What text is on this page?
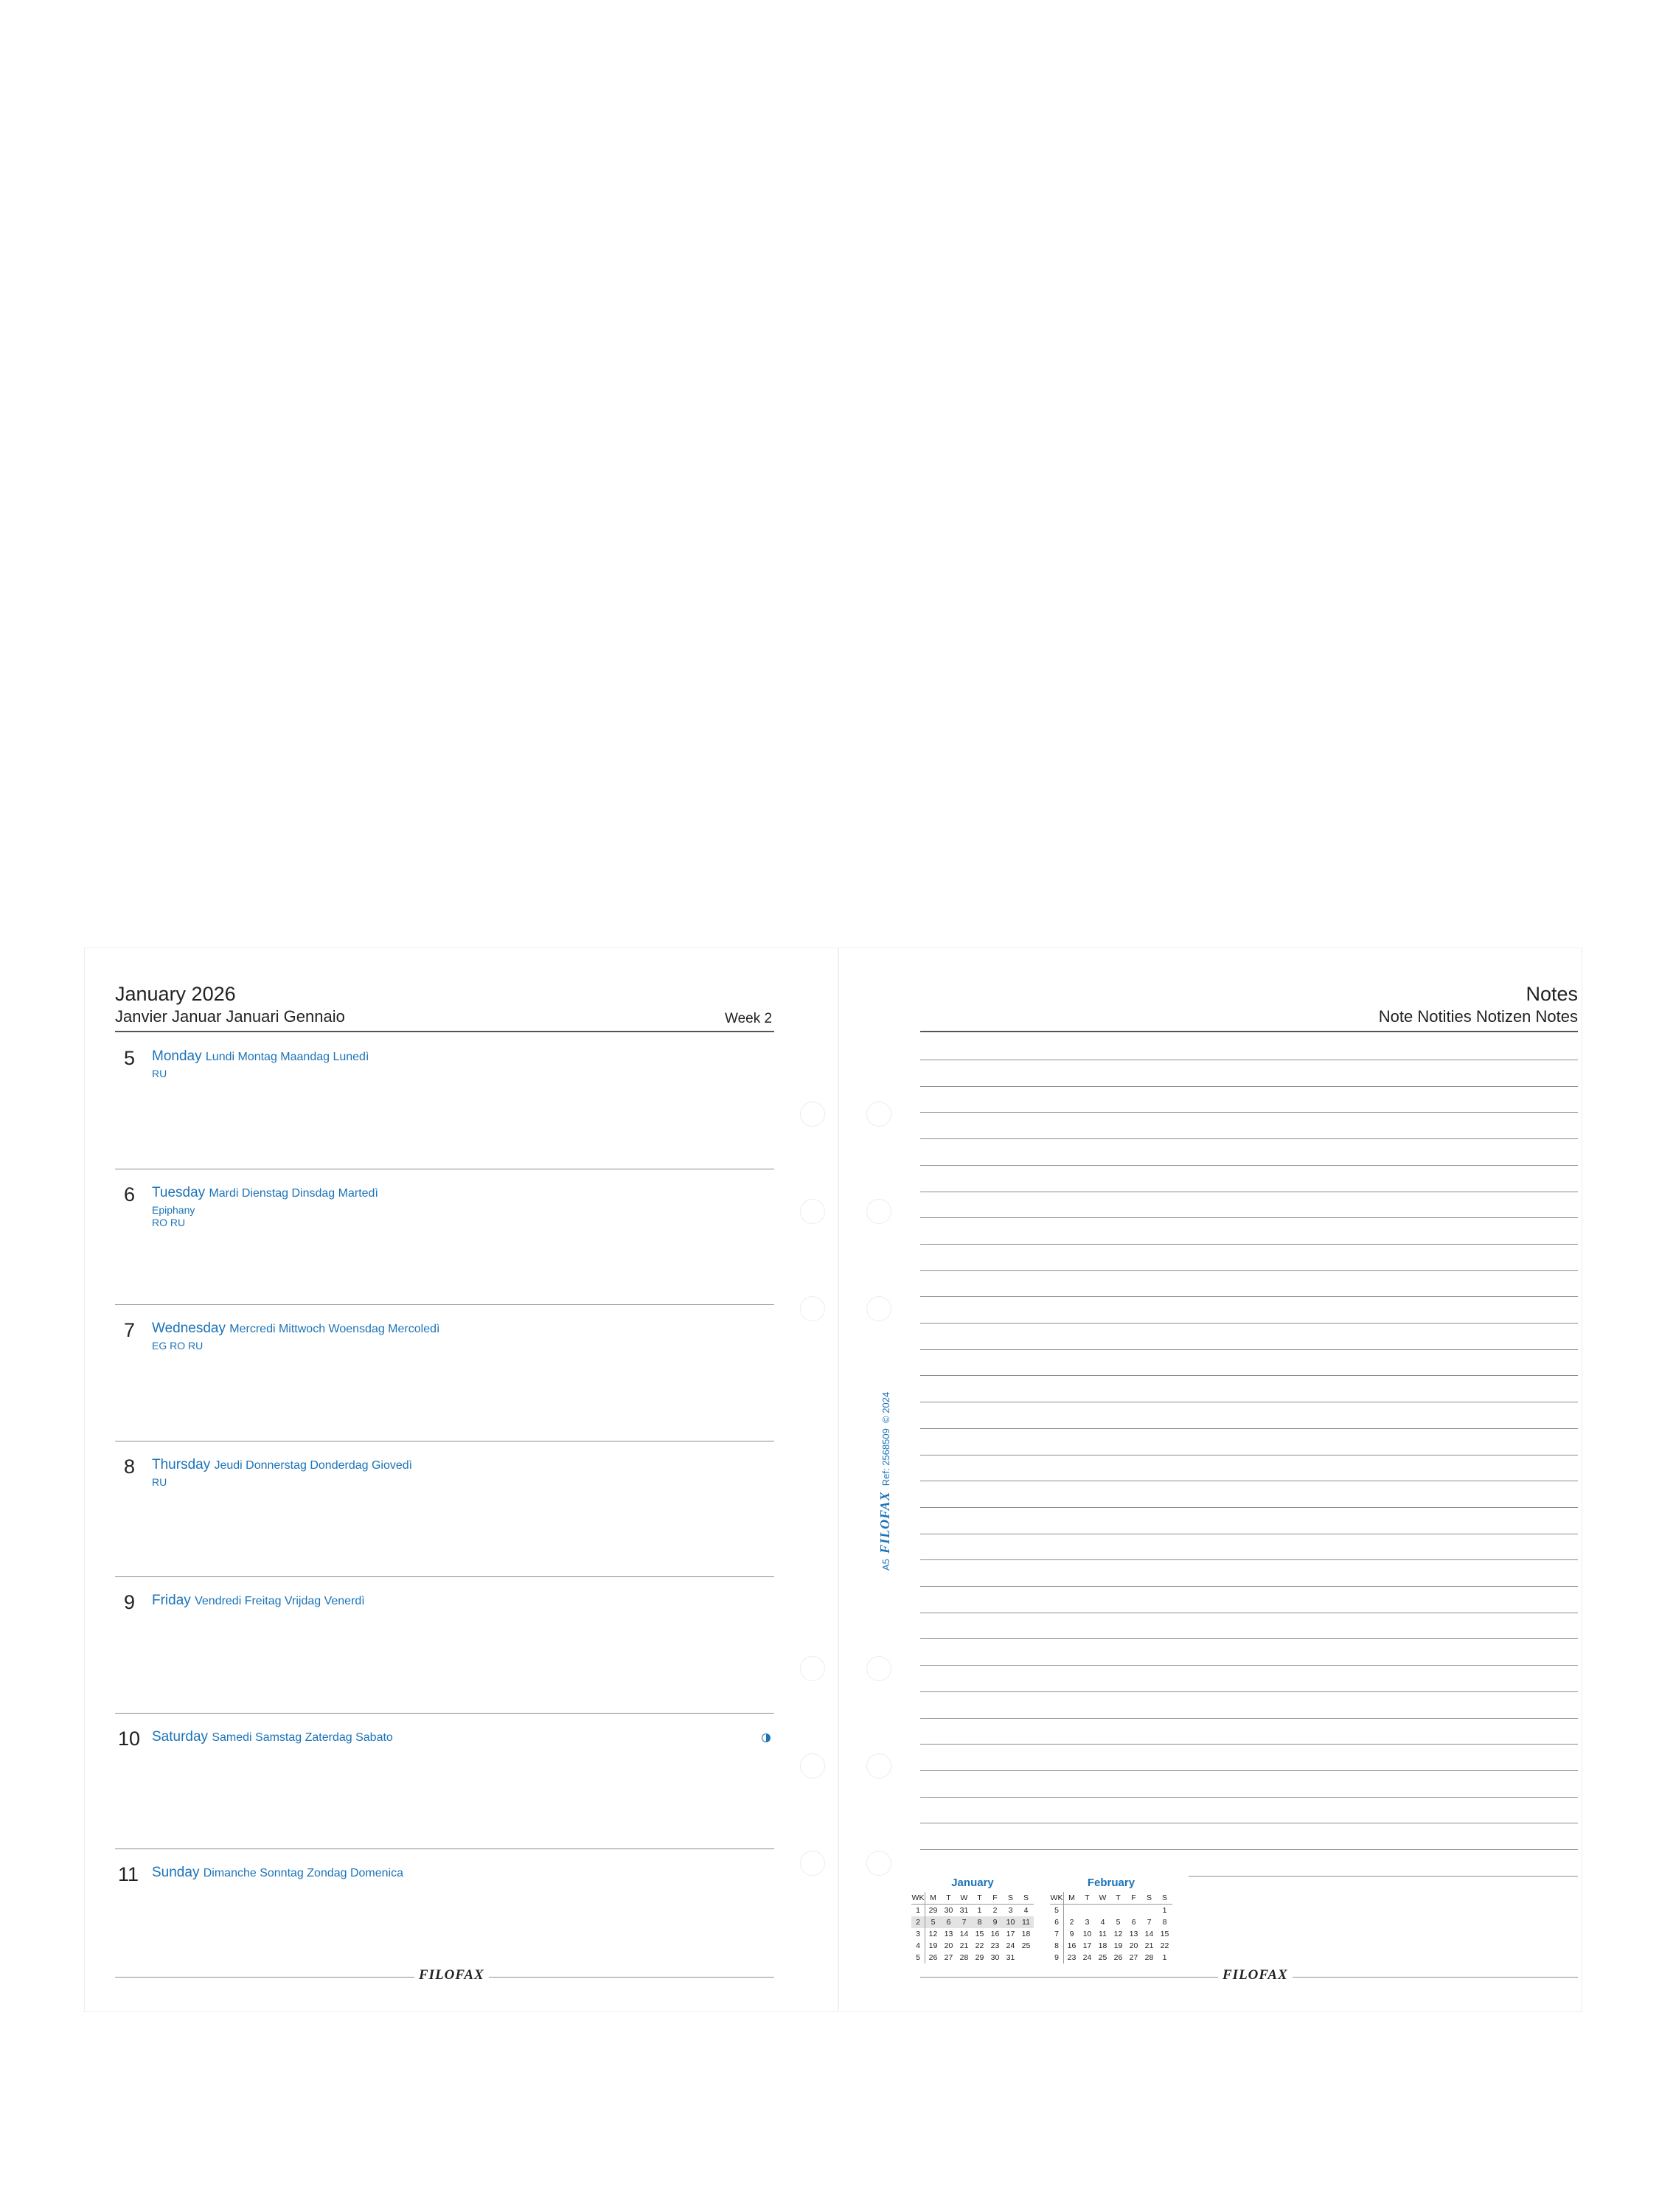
January 2026
Janvier Januar Januari Gennaio	Week 2
5 Monday Lundi Montag Maandag Lunedì
RU
6 Tuesday Mardi Dienstag Dinsdag Martedì
Epiphany
RO RU
7 Wednesday Mercredi Mittwoch Woensdag Mercoledì
EG RO RU
8 Thursday Jeudi Donnerstag Donderdag Giovedì
RU
9 Friday Vendredi Freitag Vrijdag Venerdì
10 Saturday Samedi Samstag Zaterdag Sabato
11 Sunday Dimanche Sonntag Zondag Domenica
FILOFAX
A5  FILOFAX  Ref: 2568509  © 2024
Notes
Note Notities Notizen Notes
January
WK	M	T	W	T	F	S	S
1	29	30	31	1	2	3	4
2	5	6	7	8	9	10	11
3	12	13	14	15	16	17	18
4	19	20	21	22	23	24	25
5	26	27	28	29	30	31	
February
WK	M	T	W	T	F	S	S
5							1
6	2	3	4	5	6	7	8
7	9	10	11	12	13	14	15
8	16	17	18	19	20	21	22
9	23	24	25	26	27	28	1
FILOFAX
